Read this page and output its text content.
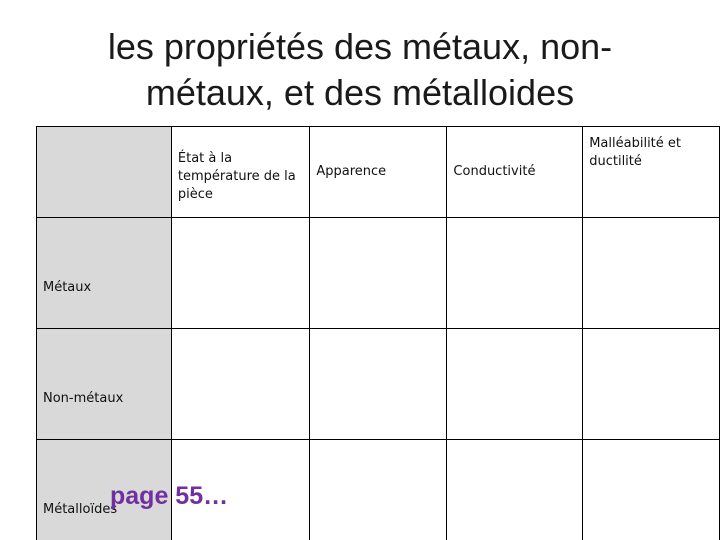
les propriétés des métaux, non-métaux, et des métalloides
	État à la température de la pièce	Apparence	Conductivité	Malléabilité et ductilité
Métaux				
Non-métaux				
Métalloïdes				
page 55…
